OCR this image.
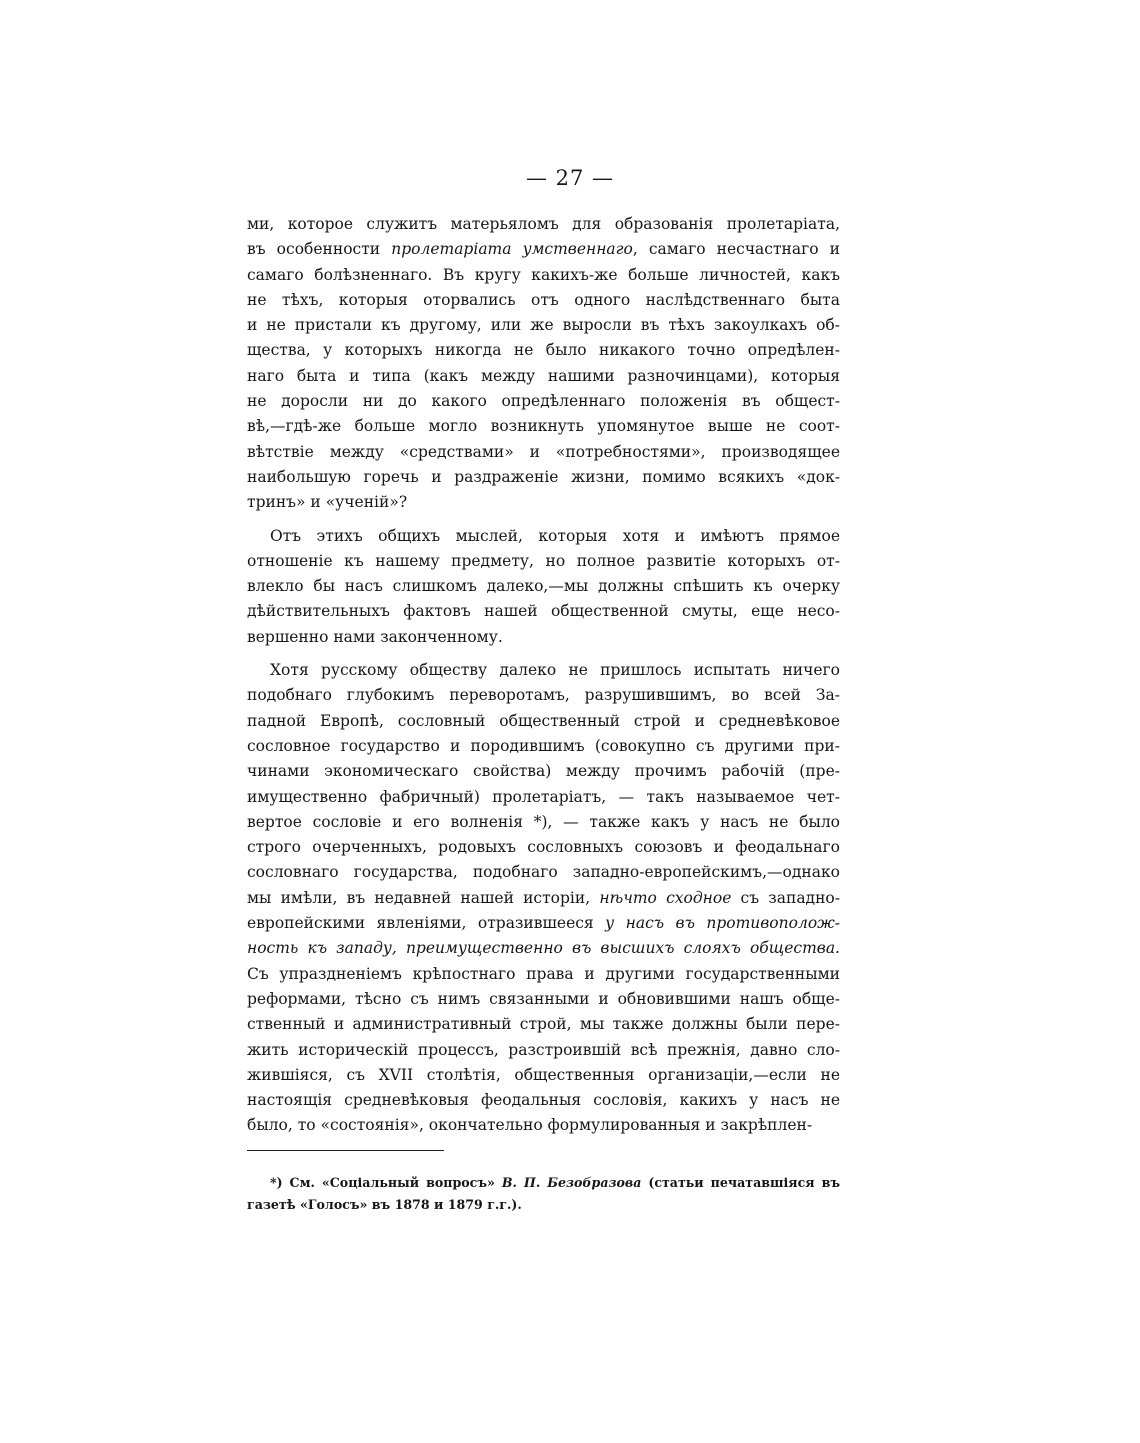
— 27 —
ми, которое служитъ матерьяломъ для образованія пролетаріата,
въ особенности пролетаріата умственнаго, самаго несчастнаго и
самаго болѣзненнаго. Въ кругу какихъ-же больше личностей, какъ
не тѣхъ, которыя оторвались отъ одного наслѣдственнаго быта
и не пристали къ другому, или же выросли въ тѣхъ закоулкахъ об-
щества, у которыхъ никогда не было никакого точно опредѣлен-
наго быта и типа (какъ между нашими разночинцами), которыя
не доросли ни до какого опредѣленнаго положенія въ общест-
вѣ,—гдѣ-же больше могло возникнуть упомянутое выше не соот-
вѣтствіе между «средствами» и «потребностями», производящее
наибольшую горечь и раздраженіе жизни, помимо всякихъ «док-
тринъ» и «ученій»?
Отъ этихъ общихъ мыслей, которыя хотя и имѣютъ прямое
отношеніе къ нашему предмету, но полное развитіе которыхъ от-
влекло бы насъ слишкомъ далеко,—мы должны спѣшить къ очерку
дѣйствительныхъ фактовъ нашей общественной смуты, еще несо-
вершенно нами законченному.
Хотя русскому обществу далеко не пришлось испытать ничего
подобнаго глубокимъ переворотамъ, разрушившимъ, во всей За-
падной Европѣ, сословный общественный строй и средневѣковое
сословное государство и породившимъ (совокупно съ другими при-
чинами экономическаго свойства) между прочимъ рабочій (пре-
имущественно фабричный) пролетаріатъ, — такъ называемое чет-
вертое сословіе и его волненія *), — также какъ у насъ не было
строго очерченныхъ, родовыхъ сословныхъ союзовъ и феодальнаго
сословнаго государства, подобнаго западно-европейскимъ,—однако
мы имѣли, въ недавней нашей исторіи, нѣчто сходное съ западно-
европейскими явленіями, отразившееся у насъ въ противополож-
ность къ западу, преимущественно въ высшихъ слояхъ общества.
Съ упраздненіемъ крѣпостнаго права и другими государственными
реформами, тѣсно съ нимъ связанными и обновившими нашъ обще-
ственный и административный строй, мы также должны были пере-
жить историческій процессъ, разстроившій всѣ прежнія, давно сло-
жившіяся, съ XVII столѣтія, общественныя организаціи,—если не
настоящія средневѣковыя феодальныя сословія, какихъ у насъ не
было, то «состоянія», окончательно формулированныя и закрѣплен-
*) См. «Соціальный вопросъ» В. П. Безобразова (статьи печатавшіяся въ
газетѣ «Голосъ» въ 1878 и 1879 г.г.).
